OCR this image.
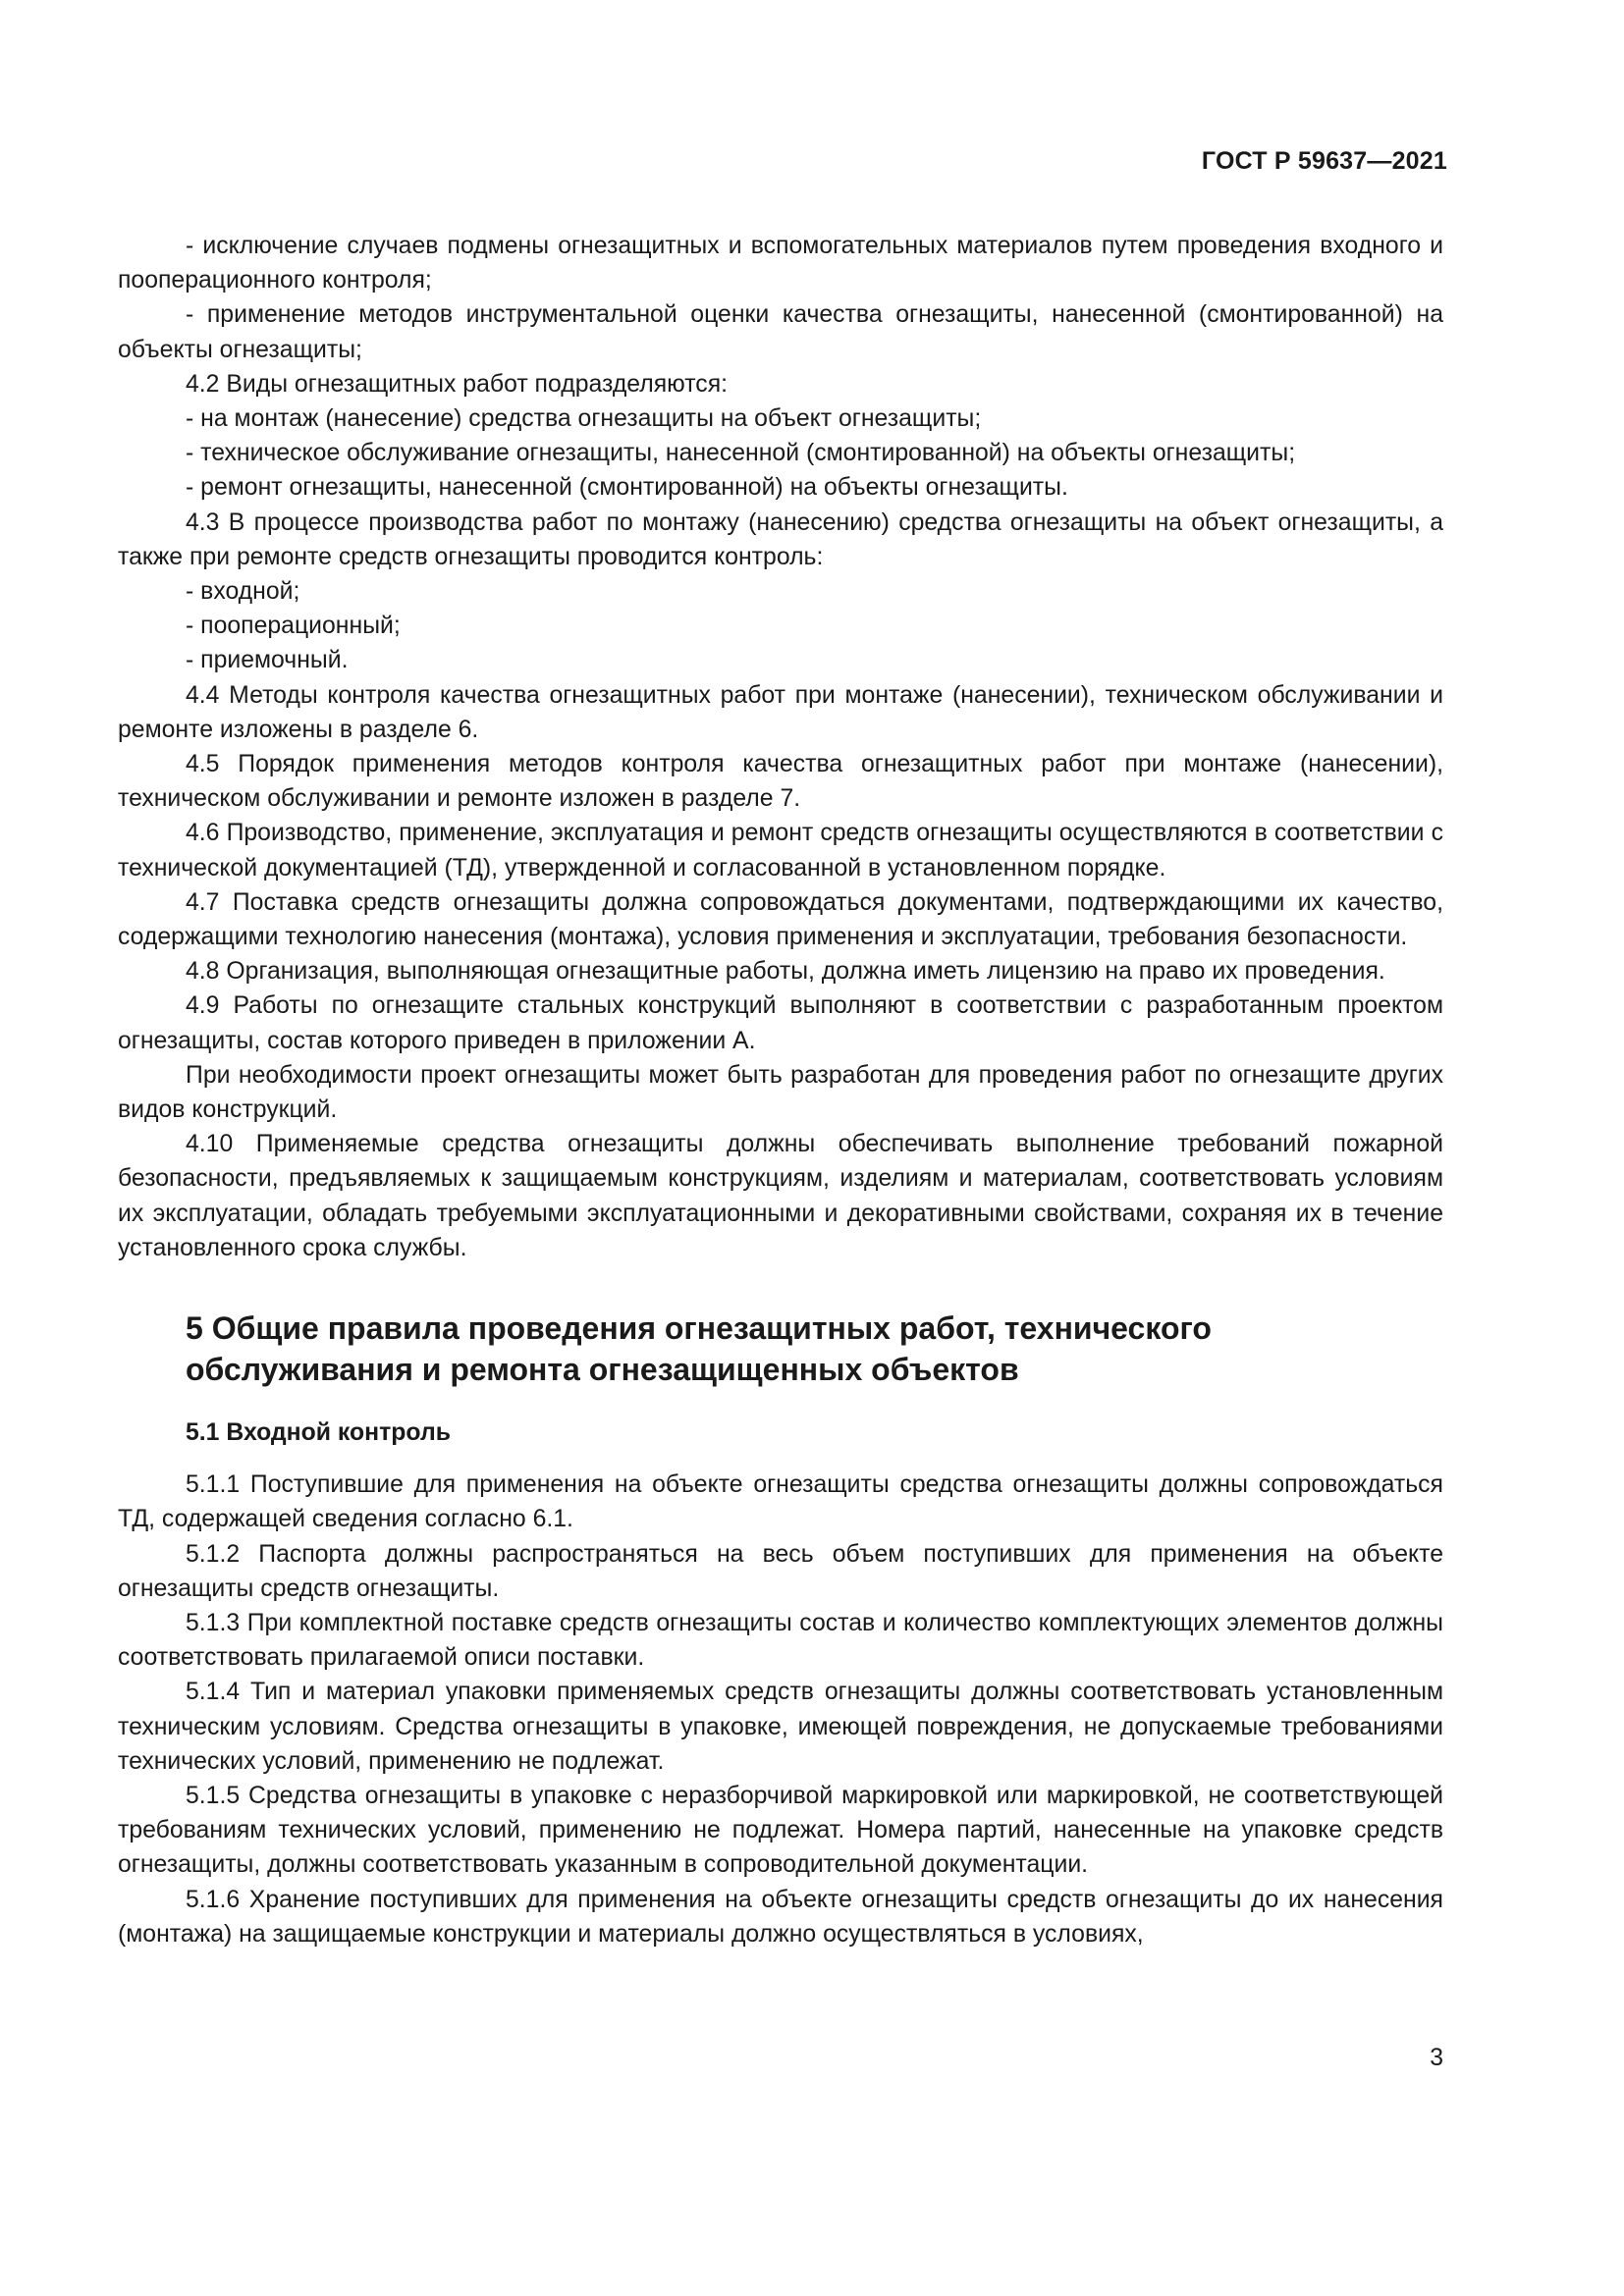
ГОСТ Р 59637—2021

- исключение случаев подмены огнезащитных и вспомогательных материалов путем проведения входного и пооперационного контроля;

- применение методов инструментальной оценки качества огнезащиты, нанесенной (смонтированной) на объекты огнезащиты;

4.2 Виды огнезащитных работ подразделяются:

- на монтаж (нанесение) средства огнезащиты на объект огнезащиты;

- техническое обслуживание огнезащиты, нанесенной (смонтированной) на объекты огнезащиты;

- ремонт огнезащиты, нанесенной (смонтированной) на объекты огнезащиты.

4.3 В процессе производства работ по монтажу (нанесению) средства огнезащиты на объект огнезащиты, а также при ремонте средств огнезащиты проводится контроль:

- входной;

- пооперационный;

- приемочный.

4.4 Методы контроля качества огнезащитных работ при монтаже (нанесении), техническом обслуживании и ремонте изложены в разделе 6.

4.5 Порядок применения методов контроля качества огнезащитных работ при монтаже (нанесении), техническом обслуживании и ремонте изложен в разделе 7.

4.6 Производство, применение, эксплуатация и ремонт средств огнезащиты осуществляются в соответствии с технической документацией (ТД), утвержденной и согласованной в установленном порядке.

4.7 Поставка средств огнезащиты должна сопровождаться документами, подтверждающими их качество, содержащими технологию нанесения (монтажа), условия применения и эксплуатации, требования безопасности.

4.8 Организация, выполняющая огнезащитные работы, должна иметь лицензию на право их проведения.

4.9 Работы по огнезащите стальных конструкций выполняют в соответствии с разработанным проектом огнезащиты, состав которого приведен в приложении А.

При необходимости проект огнезащиты может быть разработан для проведения работ по огнезащите других видов конструкций.

4.10 Применяемые средства огнезащиты должны обеспечивать выполнение требований пожарной безопасности, предъявляемых к защищаемым конструкциям, изделиям и материалам, соответствовать условиям их эксплуатации, обладать требуемыми эксплуатационными и декоративными свойствами, сохраняя их в течение установленного срока службы.

5 Общие правила проведения огнезащитных работ, технического
обслуживания и ремонта огнезащищенных объектов
5.1 Входной контроль

5.1.1 Поступившие для применения на объекте огнезащиты средства огнезащиты должны сопровождаться ТД, содержащей сведения согласно 6.1.

5.1.2 Паспорта должны распространяться на весь объем поступивших для применения на объекте огнезащиты средств огнезащиты.

5.1.3 При комплектной поставке средств огнезащиты состав и количество комплектующих элементов должны соответствовать прилагаемой описи поставки.

5.1.4 Тип и материал упаковки применяемых средств огнезащиты должны соответствовать установленным техническим условиям. Средства огнезащиты в упаковке, имеющей повреждения, не допускаемые требованиями технических условий, применению не подлежат.

5.1.5 Средства огнезащиты в упаковке с неразборчивой маркировкой или маркировкой, не соответствующей требованиям технических условий, применению не подлежат. Номера партий, нанесенные на упаковке средств огнезащиты, должны соответствовать указанным в сопроводительной документации.

5.1.6 Хранение поступивших для применения на объекте огнезащиты средств огнезащиты до их нанесения (монтажа) на защищаемые конструкции и материалы должно осуществляться в условиях,

3
